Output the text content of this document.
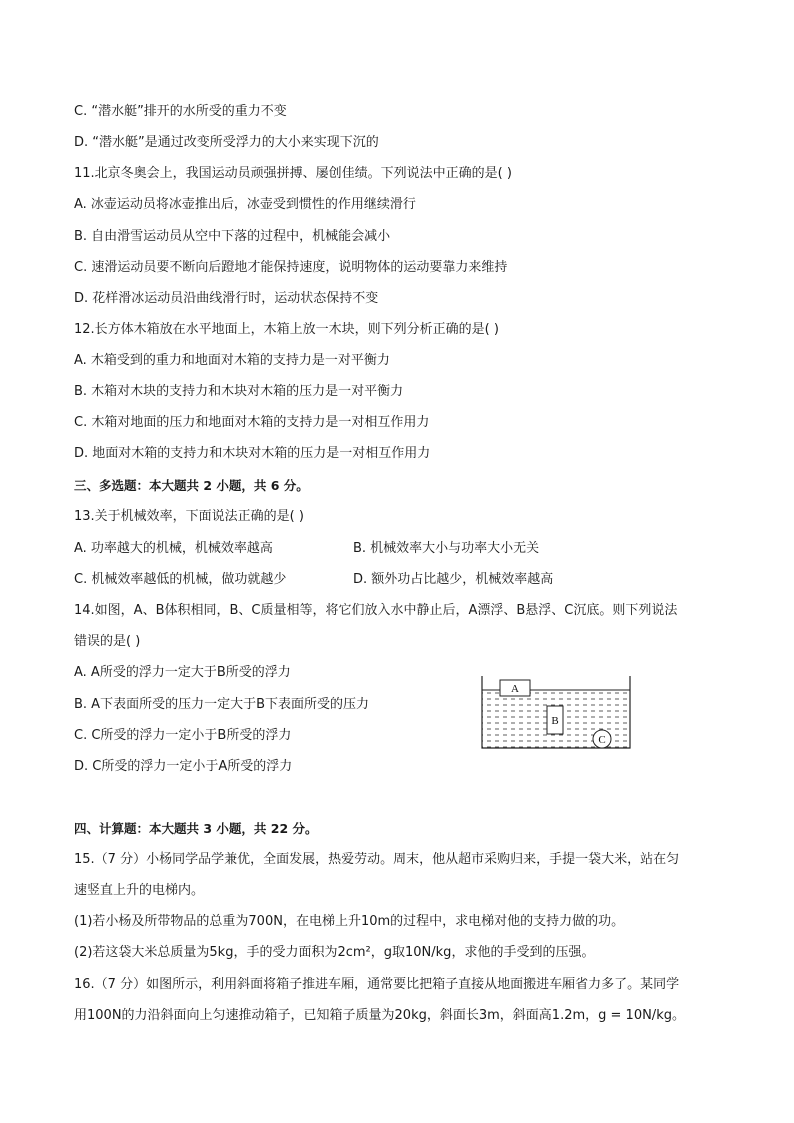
C. “潜水艇”排开的水所受的重力不变
D. “潜水艇”是通过改变所受浮力的大小来实现下沉的
11.北京冬奥会上，我国运动员顽强拼搏、屡创佳绩。下列说法中正确的是( )
A. 冰壶运动员将冰壶推出后，冰壶受到惯性的作用继续滑行
B. 自由滑雪运动员从空中下落的过程中，机械能会减小
C. 速滑运动员要不断向后蹬地才能保持速度，说明物体的运动要靠力来维持
D. 花样滑冰运动员沿曲线滑行时，运动状态保持不变
12.长方体木箱放在水平地面上，木箱上放一木块，则下列分析正确的是( )
A. 木箱受到的重力和地面对木箱的支持力是一对平衡力
B. 木箱对木块的支持力和木块对木箱的压力是一对平衡力
C. 木箱对地面的压力和地面对木箱的支持力是一对相互作用力
D. 地面对木箱的支持力和木块对木箱的压力是一对相互作用力
三、多选题：本大题共 2 小题，共 6 分。
13.关于机械效率，下面说法正确的是( )
A. 功率越大的机械，机械效率越高	B. 机械效率大小与功率大小无关
C. 机械效率越低的机械，做功就越少	D. 额外功占比越少，机械效率越高
14.如图，A、B体积相同，B、C质量相等，将它们放入水中静止后，A漂浮、B悬浮、C沉底。则下列说法
错误的是( )
A. A所受的浮力一定大于B所受的浮力
B. A下表面所受的压力一定大于B下表面所受的压力
C. C所受的浮力一定小于B所受的浮力
D. C所受的浮力一定小于A所受的浮力
A
B
C
四、计算题：本大题共 3 小题，共 22 分。
15.（7 分）小杨同学品学兼优，全面发展，热爱劳动。周末，他从超市采购归来，手提一袋大米，站在匀
速竖直上升的电梯内。
(1)若小杨及所带物品的总重为700N，在电梯上升10m的过程中，求电梯对他的支持力做的功。
(2)若这袋大米总质量为5kg，手的受力面积为2cm²，g取10N/kg，求他的手受到的压强。
16.（7 分）如图所示，利用斜面将箱子推进车厢，通常要比把箱子直接从地面搬进车厢省力多了。某同学
用100N的力沿斜面向上匀速推动箱子，已知箱子质量为20kg，斜面长3m，斜面高1.2m，g = 10N/kg。
